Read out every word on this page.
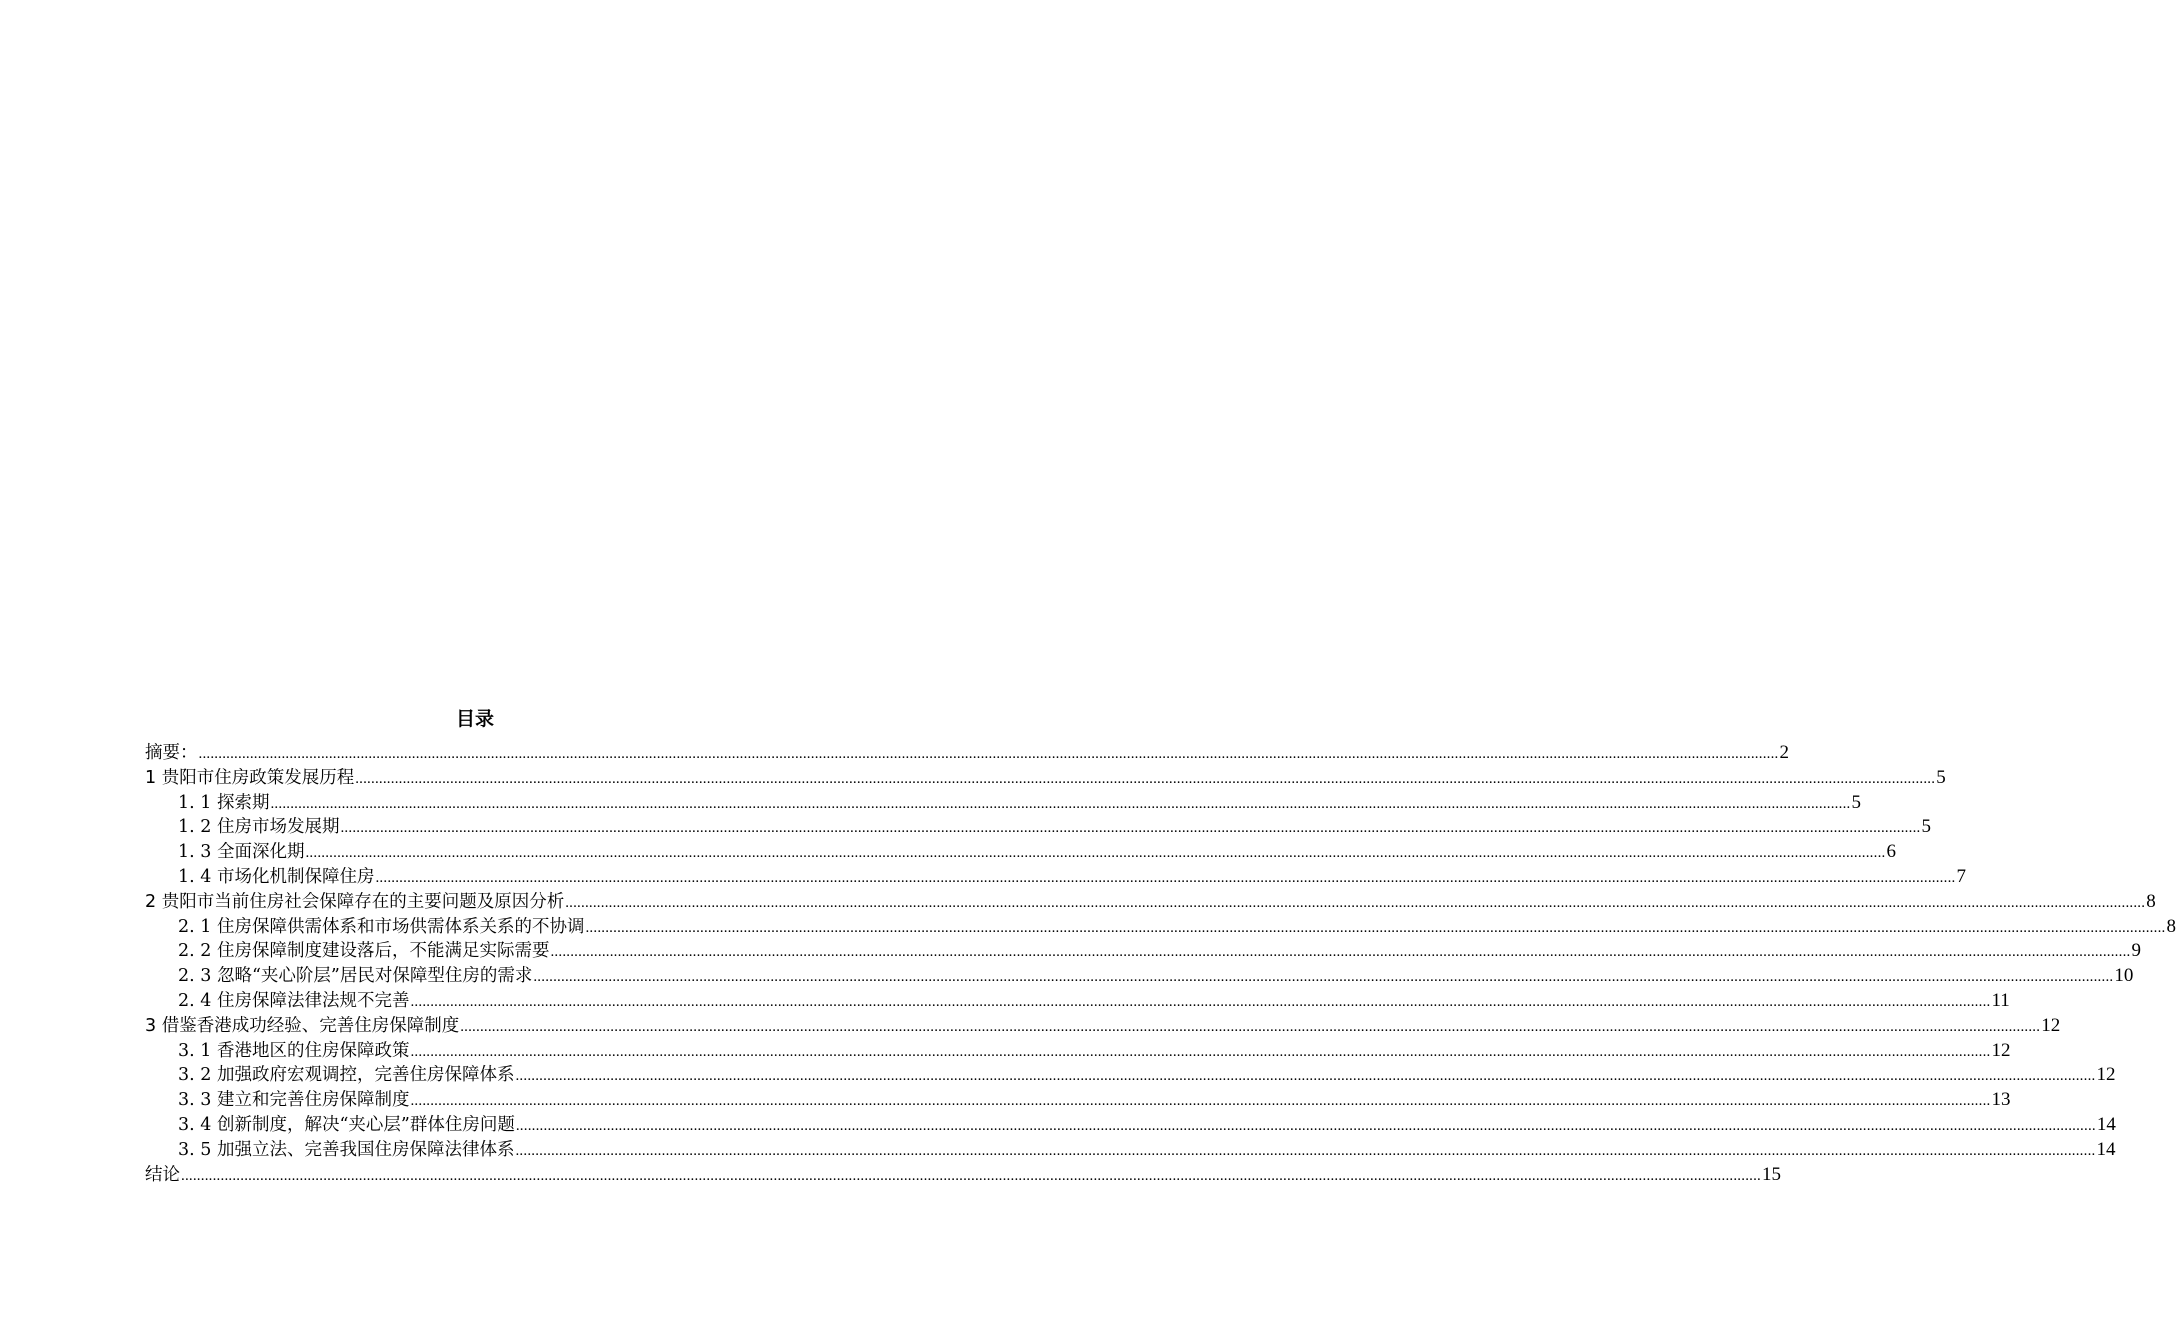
目录
摘要： ................................................................................................................................................................................................................................................................................................................................................................................................................ 2
1 贵阳市住房政策发展历程 ................................................................................................................................................................................................................................................................................................................................................................................................................ 5
1. 1 探索期 ................................................................................................................................................................................................................................................................................................................................................................................................................ 5
1. 2 住房市场发展期 ................................................................................................................................................................................................................................................................................................................................................................................................................ 5
1. 3 全面深化期 ................................................................................................................................................................................................................................................................................................................................................................................................................ 6
1. 4 市场化机制保障住房 ................................................................................................................................................................................................................................................................................................................................................................................................................ 7
2 贵阳市当前住房社会保障存在的主要问题及原因分析 ................................................................................................................................................................................................................................................................................................................................................................................................................ 8
2. 1 住房保障供需体系和市场供需体系关系的不协调 ................................................................................................................................................................................................................................................................................................................................................................................................................ 8
2. 2 住房保障制度建设落后，不能满足实际需要 ................................................................................................................................................................................................................................................................................................................................................................................................................ 9
2. 3 忽略“夹心阶层”居民对保障型住房的需求 ................................................................................................................................................................................................................................................................................................................................................................................................................ 10
2. 4 住房保障法律法规不完善 ................................................................................................................................................................................................................................................................................................................................................................................................................ 11
3 借鉴香港成功经验、完善住房保障制度 ................................................................................................................................................................................................................................................................................................................................................................................................................ 12
3. 1 香港地区的住房保障政策 ................................................................................................................................................................................................................................................................................................................................................................................................................ 12
3. 2 加强政府宏观调控，完善住房保障体系 ................................................................................................................................................................................................................................................................................................................................................................................................................ 12
3. 3 建立和完善住房保障制度 ................................................................................................................................................................................................................................................................................................................................................................................................................ 13
3. 4 创新制度，解决“夹心层”群体住房问题 ................................................................................................................................................................................................................................................................................................................................................................................................................ 14
3. 5 加强立法、完善我国住房保障法律体系 ................................................................................................................................................................................................................................................................................................................................................................................................................ 14
结论 ................................................................................................................................................................................................................................................................................................................................................................................................................ 15
